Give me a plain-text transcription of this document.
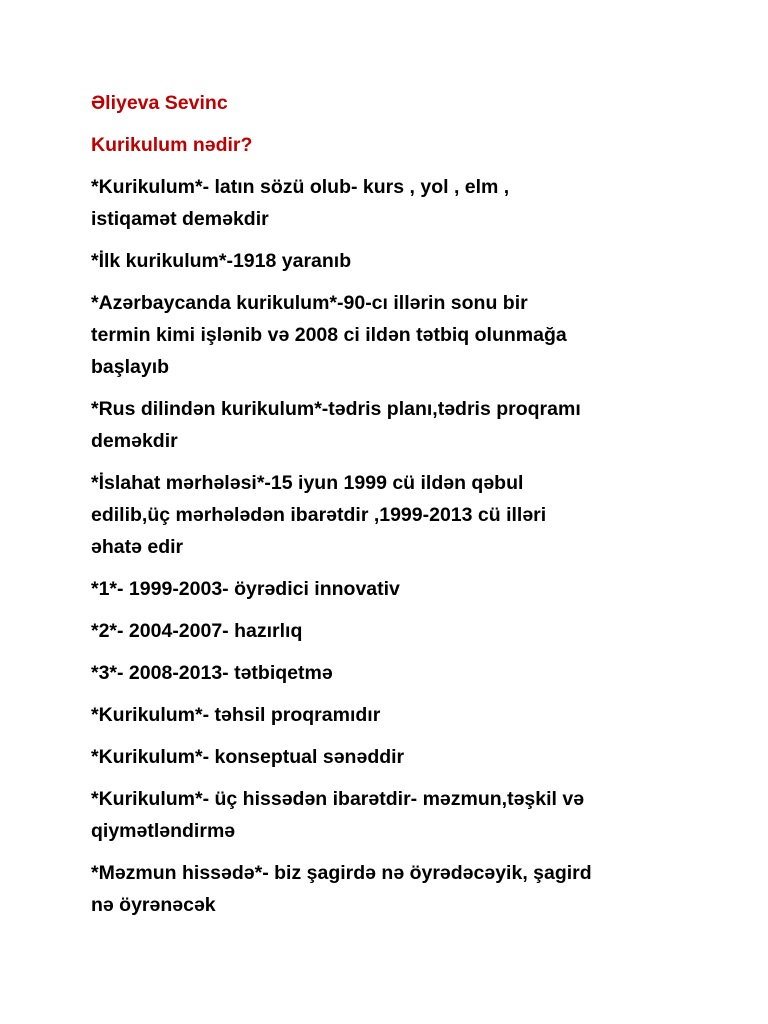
Əliyeva Sevinc
Kurikulum nədir?
*Kurikulum*- latın sözü olub- kurs , yol , elm ,
istiqamət deməkdir
*İlk kurikulum*-1918 yaranıb
*Azərbaycanda kurikulum*-90-cı illərin sonu bir
termin kimi işlənib və 2008 ci ildən tətbiq olunmağa
başlayıb
*Rus dilindən kurikulum*-tədris planı,tədris proqramı
deməkdir
*İslahat mərhələsi*-15 iyun 1999 cü ildən qəbul
edilib,üç mərhələdən ibarətdir ,1999-2013 cü illəri
əhatə edir
*1*- 1999-2003- öyrədici innovativ
*2*- 2004-2007- hazırlıq
*3*- 2008-2013- tətbiqetmə
*Kurikulum*- təhsil proqramıdır
*Kurikulum*- konseptual sənəddir
*Kurikulum*- üç hissədən ibarətdir- məzmun,təşkil və
qiymətləndirmə
*Məzmun hissədə*- biz şagirdə nə öyrədəcəyik, şagird
nə öyrənəcək
